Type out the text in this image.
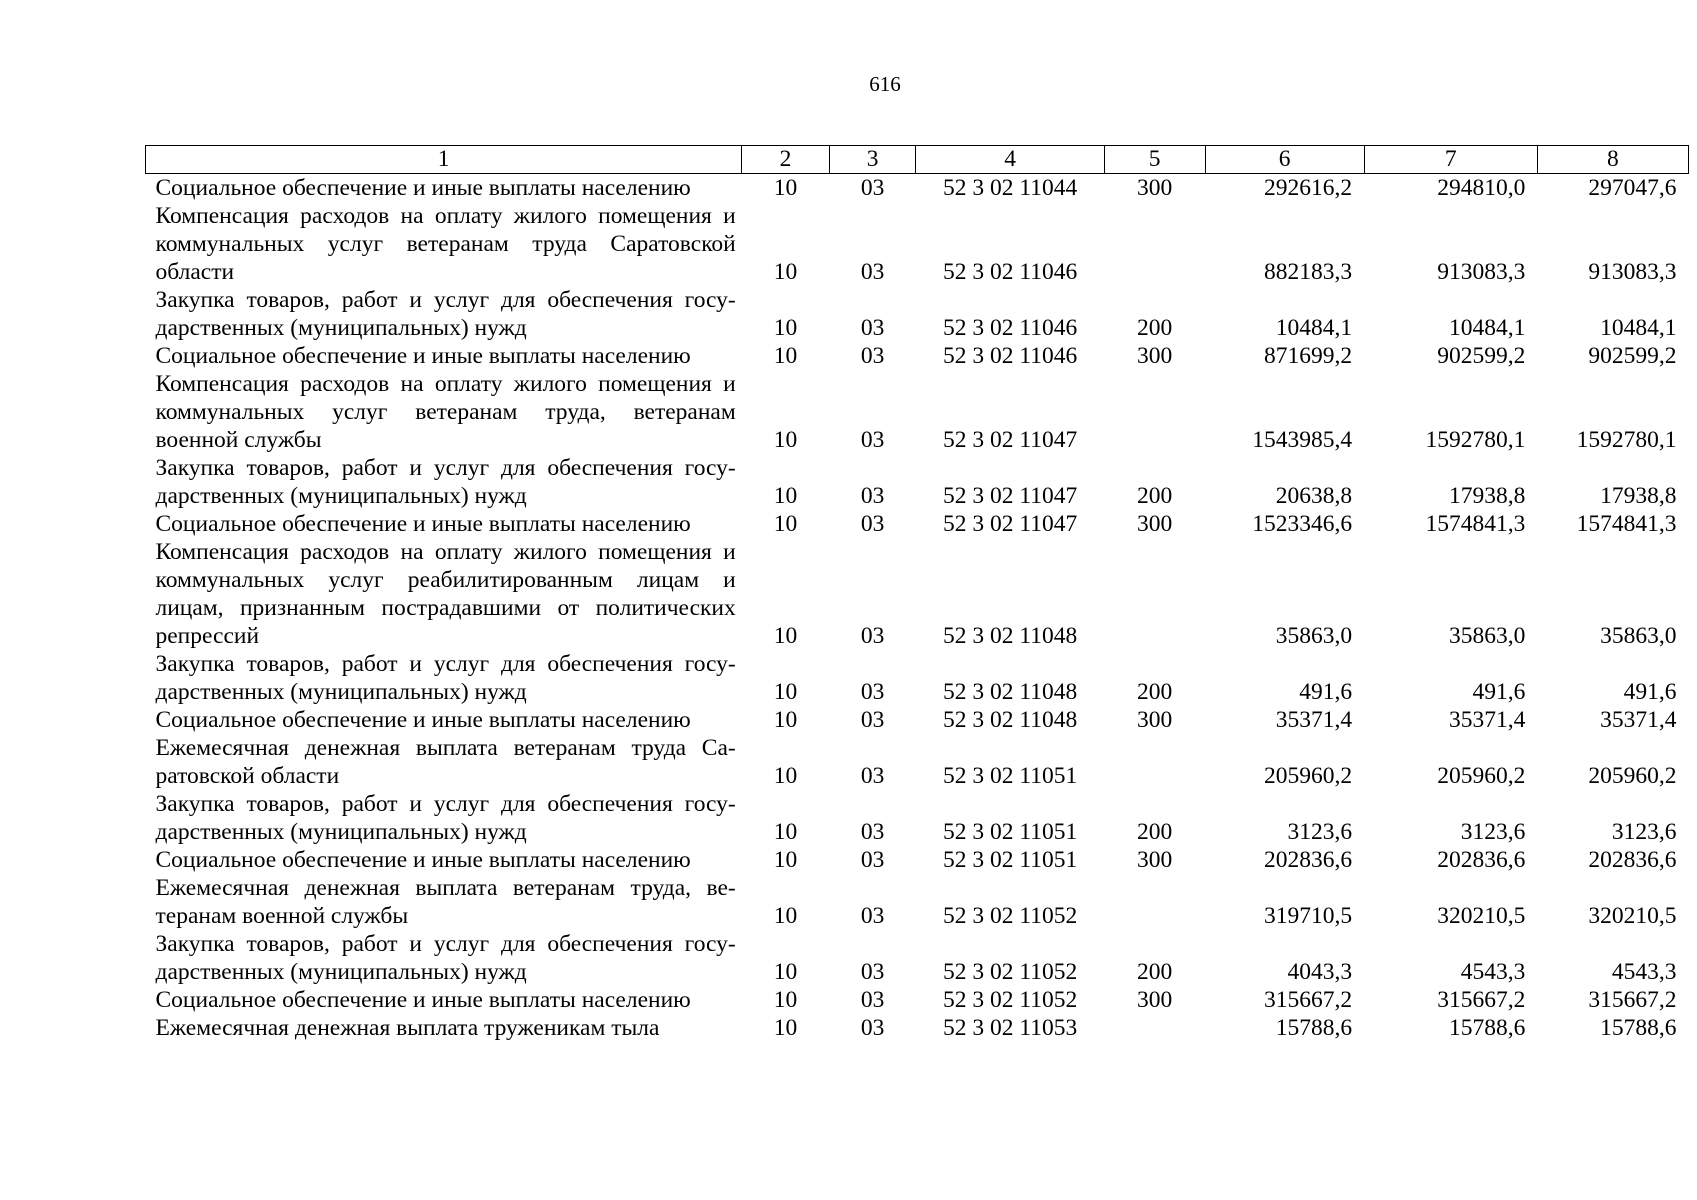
616
1	2	3	4	5	6	7	8
Социальное обеспечение и иные выплаты населению	10	03	52 3 02 11044	300	292616,2	294810,0	297047,6
Компенсация расходов на оплату жилого помещения и коммунальных услуг ветеранам труда Саратовской области	10	03	52 3 02 11046		882183,3	913083,3	913083,3
Закупка товаров, работ и услуг для обеспечения госу-дарственных (муниципальных) нужд	10	03	52 3 02 11046	200	10484,1	10484,1	10484,1
Социальное обеспечение и иные выплаты населению	10	03	52 3 02 11046	300	871699,2	902599,2	902599,2
Компенсация расходов на оплату жилого помещения и коммунальных услуг ветеранам труда, ветеранам военной службы	10	03	52 3 02 11047		1543985,4	1592780,1	1592780,1
Закупка товаров, работ и услуг для обеспечения госу-дарственных (муниципальных) нужд	10	03	52 3 02 11047	200	20638,8	17938,8	17938,8
Социальное обеспечение и иные выплаты населению	10	03	52 3 02 11047	300	1523346,6	1574841,3	1574841,3
Компенсация расходов на оплату жилого помещения и коммунальных услуг реабилитированным лицам и лицам, признанным пострадавшими от политических репрессий	10	03	52 3 02 11048		35863,0	35863,0	35863,0
Закупка товаров, работ и услуг для обеспечения госу-дарственных (муниципальных) нужд	10	03	52 3 02 11048	200	491,6	491,6	491,6
Социальное обеспечение и иные выплаты населению	10	03	52 3 02 11048	300	35371,4	35371,4	35371,4
Ежемесячная денежная выплата ветеранам труда Са-ратовской области	10	03	52 3 02 11051		205960,2	205960,2	205960,2
Закупка товаров, работ и услуг для обеспечения госу-дарственных (муниципальных) нужд	10	03	52 3 02 11051	200	3123,6	3123,6	3123,6
Социальное обеспечение и иные выплаты населению	10	03	52 3 02 11051	300	202836,6	202836,6	202836,6
Ежемесячная денежная выплата ветеранам труда, ве-теранам военной службы	10	03	52 3 02 11052		319710,5	320210,5	320210,5
Закупка товаров, работ и услуг для обеспечения госу-дарственных (муниципальных) нужд	10	03	52 3 02 11052	200	4043,3	4543,3	4543,3
Социальное обеспечение и иные выплаты населению	10	03	52 3 02 11052	300	315667,2	315667,2	315667,2
Ежемесячная денежная выплата труженикам тыла	10	03	52 3 02 11053		15788,6	15788,6	15788,6
